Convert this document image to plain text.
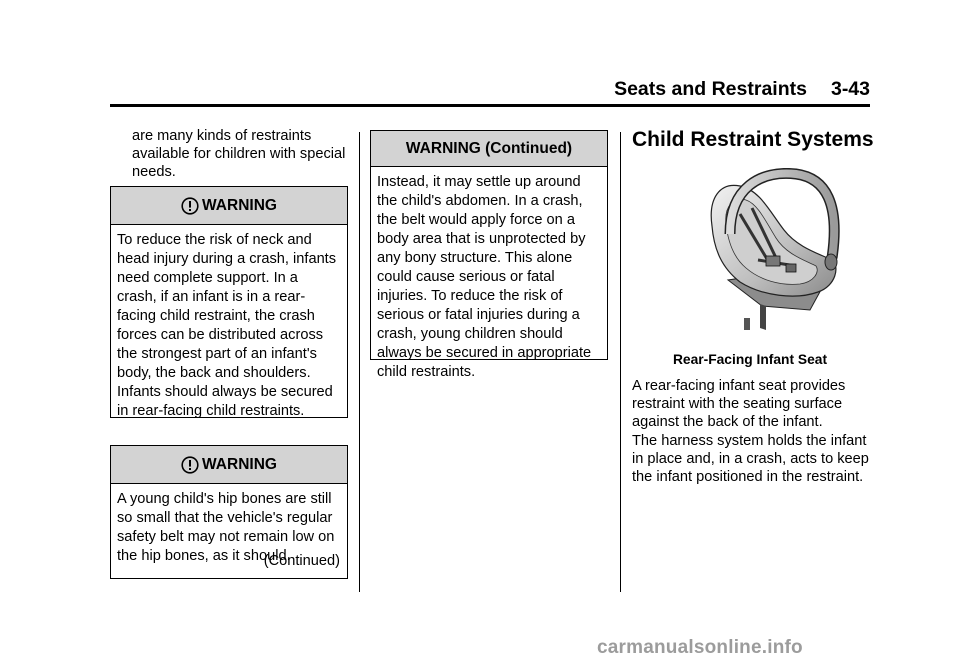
Seats and Restraints 3-43

are many kinds of restraints available for children with special needs.

WARNING

To reduce the risk of neck and head injury during a crash, infants need complete support. In a crash, if an infant is in a rear-facing child restraint, the crash forces can be distributed across the strongest part of an infant's body, the back and shoulders. Infants should always be secured in rear-facing child restraints.

WARNING

A young child's hip bones are still so small that the vehicle's regular safety belt may not remain low on the hip bones, as it should.

(Continued)
WARNING (Continued)

Instead, it may settle up around the child's abdomen. In a crash, the belt would apply force on a body area that is unprotected by any bony structure. This alone could cause serious or fatal injuries. To reduce the risk of serious or fatal injuries during a crash, young children should always be secured in appropriate child restraints.

Child Restraint Systems
Rear-Facing Infant Seat

A rear-facing infant seat provides restraint with the seating surface against the back of the infant.

The harness system holds the infant in place and, in a crash, acts to keep the infant positioned in the restraint.

carmanualsonline.info
